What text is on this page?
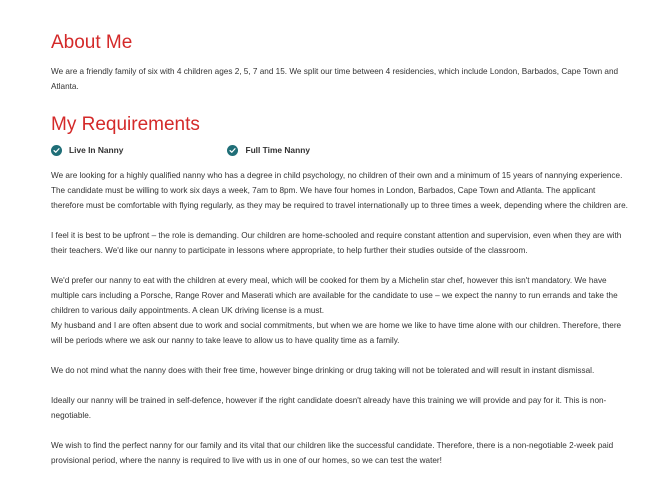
About Me

We are a friendly family of six with 4 children ages 2, 5, 7 and 15. We split our time between 4 residencies, which include London, Barbados, Cape Town and Atlanta.

My Requirements
Live In Nanny	Full Time Nanny

We are looking for a highly qualified nanny who has a degree in child psychology, no children of their own and a minimum of 15 years of nannying experience. The candidate must be willing to work six days a week, 7am to 8pm. We have four homes in London, Barbados, Cape Town and Atlanta. The applicant therefore must be comfortable with flying regularly, as they may be required to travel internationally up to three times a week, depending where the children are.

I feel it is best to be upfront – the role is demanding. Our children are home-schooled and require constant attention and supervision, even when they are with their teachers. We'd like our nanny to participate in lessons where appropriate, to help further their studies outside of the classroom.

We'd prefer our nanny to eat with the children at every meal, which will be cooked for them by a Michelin star chef, however this isn't mandatory. We have multiple cars including a Porsche, Range Rover and Maserati which are available for the candidate to use – we expect the nanny to run errands and take the children to various daily appointments. A clean UK driving license is a must.

My husband and I are often absent due to work and social commitments, but when we are home we like to have time alone with our children. Therefore, there will be periods where we ask our nanny to take leave to allow us to have quality time as a family.

We do not mind what the nanny does with their free time, however binge drinking or drug taking will not be tolerated and will result in instant dismissal.

Ideally our nanny will be trained in self-defence, however if the right candidate doesn't already have this training we will provide and pay for it. This is non-negotiable.

We wish to find the perfect nanny for our family and its vital that our children like the successful candidate. Therefore, there is a non-negotiable 2-week paid provisional period, where the nanny is required to live with us in one of our homes, so we can test the water!
